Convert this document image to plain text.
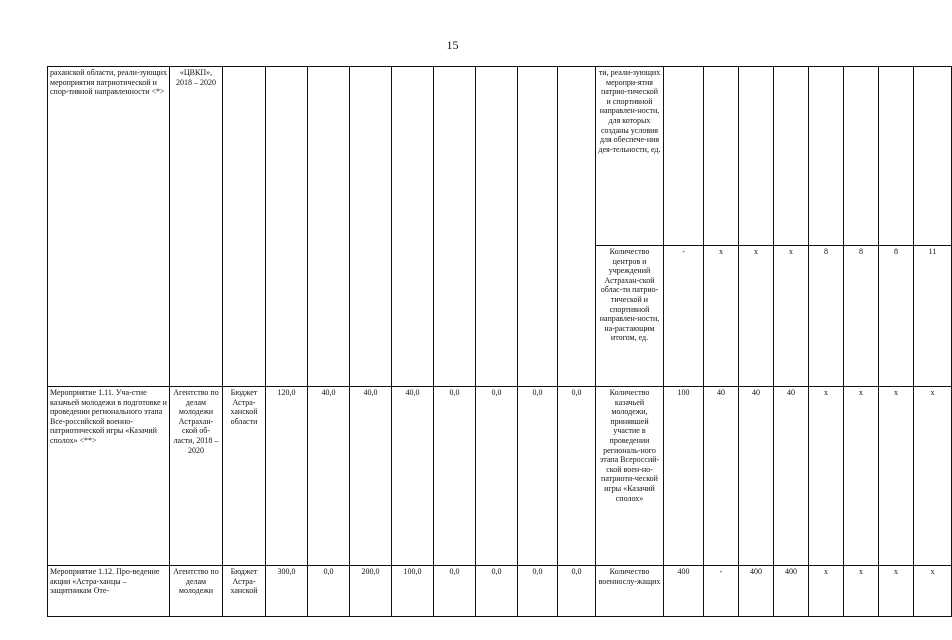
15
раханской области, реали-зующих мероприятия патриотической и спор-тивной направленности <*>	«ЦВКП», 2018 – 2020										ти, реали-зующих меропри-ятия патрио-тической и спортивной направлен-ности, для которых созданы условия для обеспече-ния дея-тельности, ед.								
											Количество центров и учреждений Астрахан-ской облас-ти патрио-тической и спортивной направлен-ности, на-растающим итогом, ед.	-	х	х	х	8	8	8	11
Мероприятие 1.11. Уча-стие казачьей молодежи в подготовке и проведении регионального этапа Все-российской военно-патриотической игры «Казачий сполох» <**>	Агентство по делам молодежи Астрахан-ской об-ласти, 2018 – 2020	Бюджет Астра-ханской области	120,0	40,0	40,0	40,0	0,0	0,0	0,0	0,0	Количество казачьей молодежи, принявшей участие в проведении региональ-ного этапа Всероссий-ской воен-но-патриоти-ческой игры «Казачий сполох»	100	40	40	40	х	х	х	х
Мероприятие 1.12. Про-ведение акции «Астра-ханцы – защитникам Оте-	Агентство по делам молодежи	Бюджет Астра-ханской	300,0	0,0	200,0	100,0	0,0	0,0	0,0	0,0	Количество военнослу-жащих	400	-	400	400	х	х	х	х
